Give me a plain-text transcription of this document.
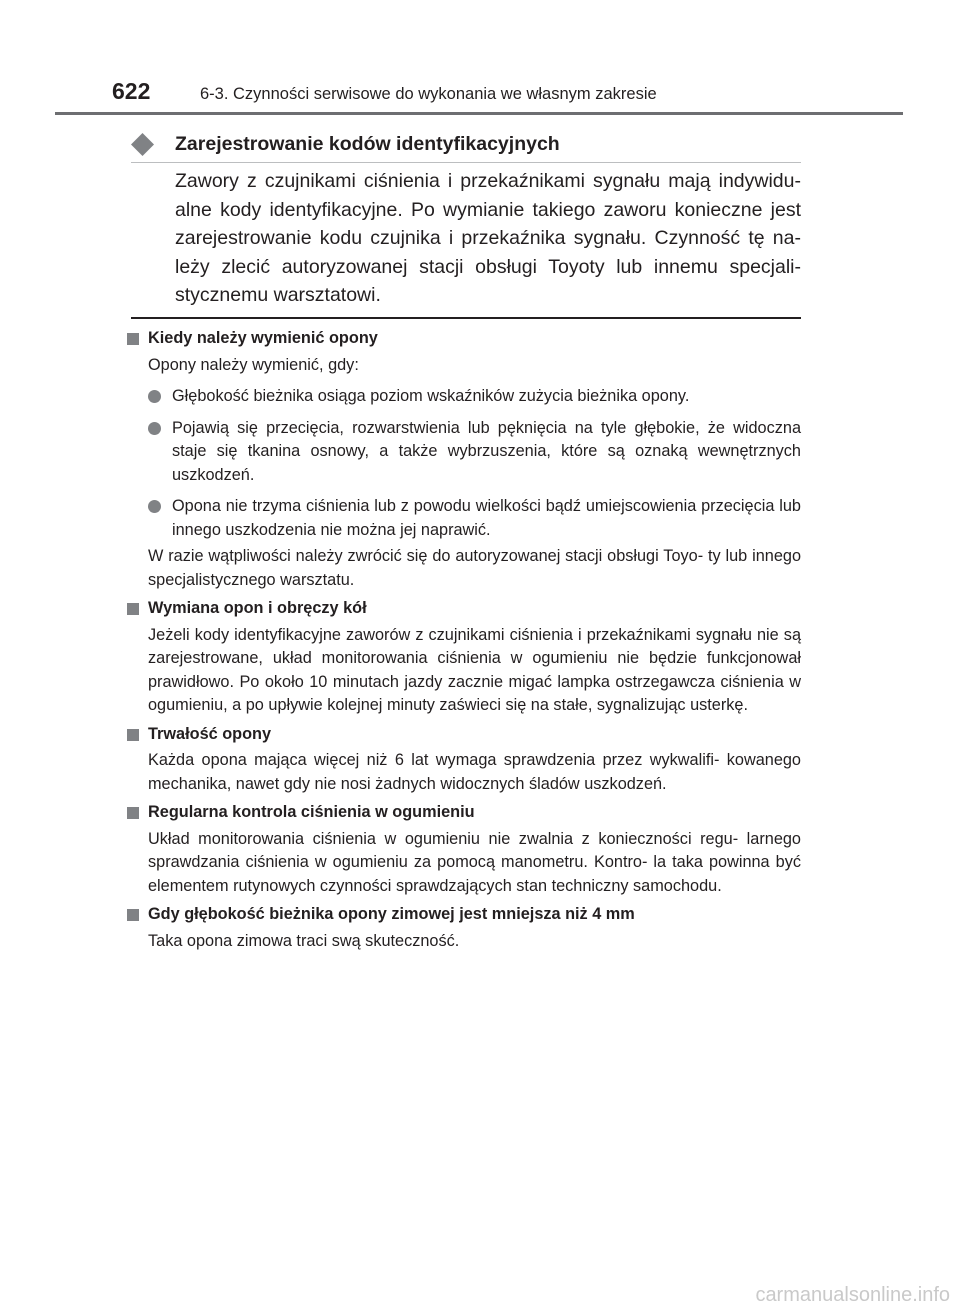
622	6-3. Czynności serwisowe do wykonania we własnym zakresie
Zarejestrowanie kodów identyfikacyjnych

Zawory z czujnikami ciśnienia i przekaźnikami sygnału mają indywidu- alne kody identyfikacyjne. Po wymianie takiego zaworu konieczne jest zarejestrowanie kodu czujnika i przekaźnika sygnału. Czynność tę na- leży zlecić autoryzowanej stacji obsługi Toyoty lub innemu specjali- stycznemu warsztatowi.

Kiedy należy wymienić opony
Opony należy wymienić, gdy:
Głębokość bieżnika osiąga poziom wskaźników zużycia bieżnika opony.
Pojawią się przecięcia, rozwarstwienia lub pęknięcia na tyle głębokie, że widoczna staje się tkanina osnowy, a także wybrzuszenia, które są oznaką wewnętrznych uszkodzeń.
Opona nie trzyma ciśnienia lub z powodu wielkości bądź umiejscowienia przecięcia lub innego uszkodzenia nie można jej naprawić.
W razie wątpliwości należy zwrócić się do autoryzowanej stacji obsługi Toyo- ty lub innego specjalistycznego warsztatu.
Wymiana opon i obręczy kół
Jeżeli kody identyfikacyjne zaworów z czujnikami ciśnienia i przekaźnikami sygnału nie są zarejestrowane, układ monitorowania ciśnienia w ogumieniu nie będzie funkcjonował prawidłowo. Po około 10 minutach jazdy zacznie migać lampka ostrzegawcza ciśnienia w ogumieniu, a po upływie kolejnej minuty zaświeci się na stałe, sygnalizując usterkę.
Trwałość opony
Każda opona mająca więcej niż 6 lat wymaga sprawdzenia przez wykwalifi- kowanego mechanika, nawet gdy nie nosi żadnych widocznych śladów uszkodzeń.
Regularna kontrola ciśnienia w ogumieniu
Układ monitorowania ciśnienia w ogumieniu nie zwalnia z konieczności regu- larnego sprawdzania ciśnienia w ogumieniu za pomocą manometru. Kontro- la taka powinna być elementem rutynowych czynności sprawdzających stan techniczny samochodu.
Gdy głębokość bieżnika opony zimowej jest mniejsza niż 4 mm
Taka opona zimowa traci swą skuteczność.
carmanualsonline.info
